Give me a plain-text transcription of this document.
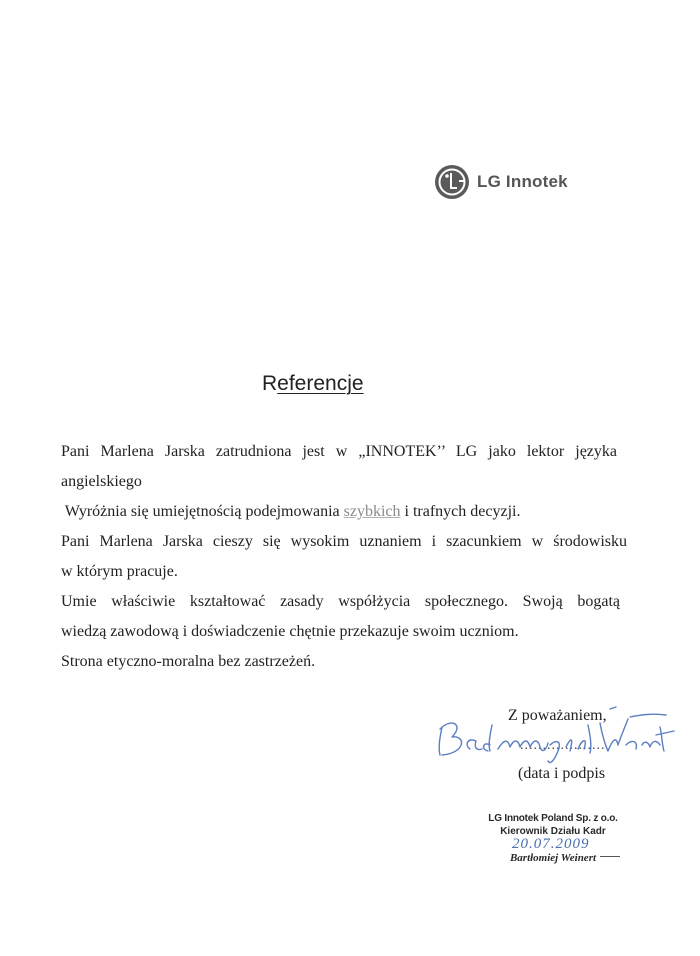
LG Innotek
Referencje
Pani Marlena Jarska zatrudniona jest w „INNOTEK’’ LG jako lektor języka
angielskiego
Wyróżnia się umiejętnością podejmowania szybkich i trafnych decyzji.
Pani Marlena Jarska cieszy się wysokim uznaniem i szacunkiem w środowisku
w którym pracuje.
Umie właściwie kształtować zasady współżycia społecznego. Swoją bogatą
wiedzą zawodową i doświadczenie chętnie przekazuje swoim uczniom.
Strona etyczno-moralna bez zastrzeżeń.
Z poważaniem,
...................
(data i podpis
LG Innotek Poland Sp. z o.o.
Kierownik Działu Kadr
Bartłomiej Weinert
20.07.2009
